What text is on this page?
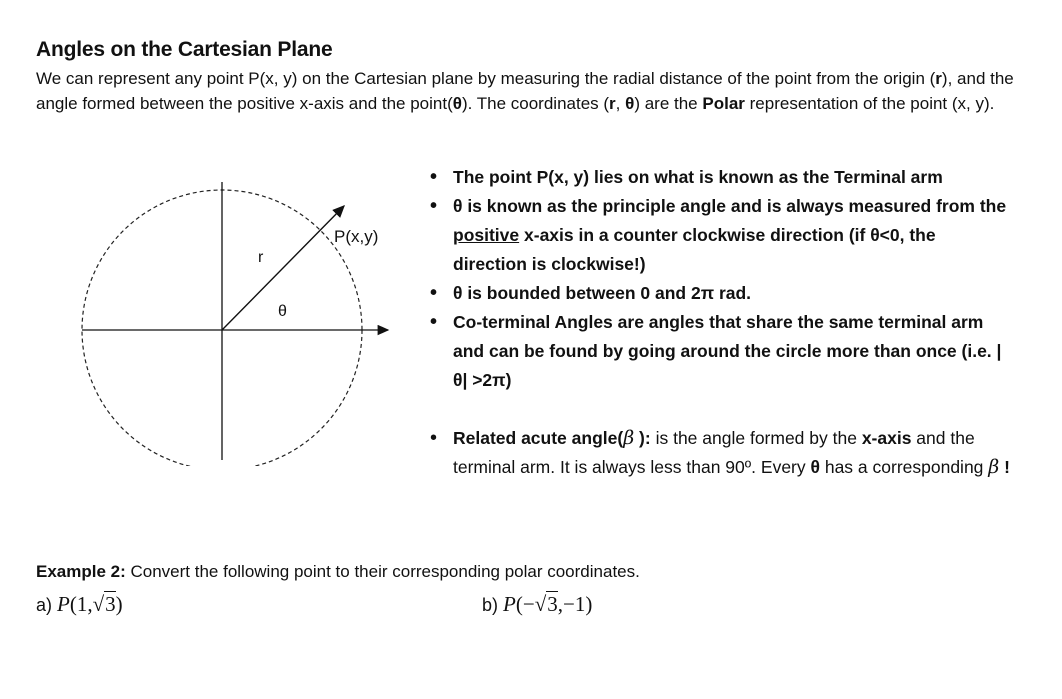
Angles on the Cartesian Plane

We can represent any point P(x, y) on the Cartesian plane by measuring the radial distance of the point from the origin (r), and the angle formed between the positive x-axis and the point(θ). The coordinates (r, θ) are the Polar representation of the point (x, y).

P(x,y)
r
θ
• The point P(x, y) lies on what is known as the Terminal arm
• θ is known as the principle angle and is always measured from the positive x-axis in a counter clockwise direction (if θ<0, the direction is clockwise!)
• θ is bounded between 0 and 2π rad.
• Co-terminal Angles are angles that share the same terminal arm and can be found by going around the circle more than once (i.e. |θ| >2π)
• Related acute angle(β ): is the angle formed by the x-axis and the terminal arm. It is always less than 90º. Every θ has a corresponding β !
Example 2: Convert the following point to their corresponding polar coordinates.
a) P(1,√3)	b) P(−√3,−1)
